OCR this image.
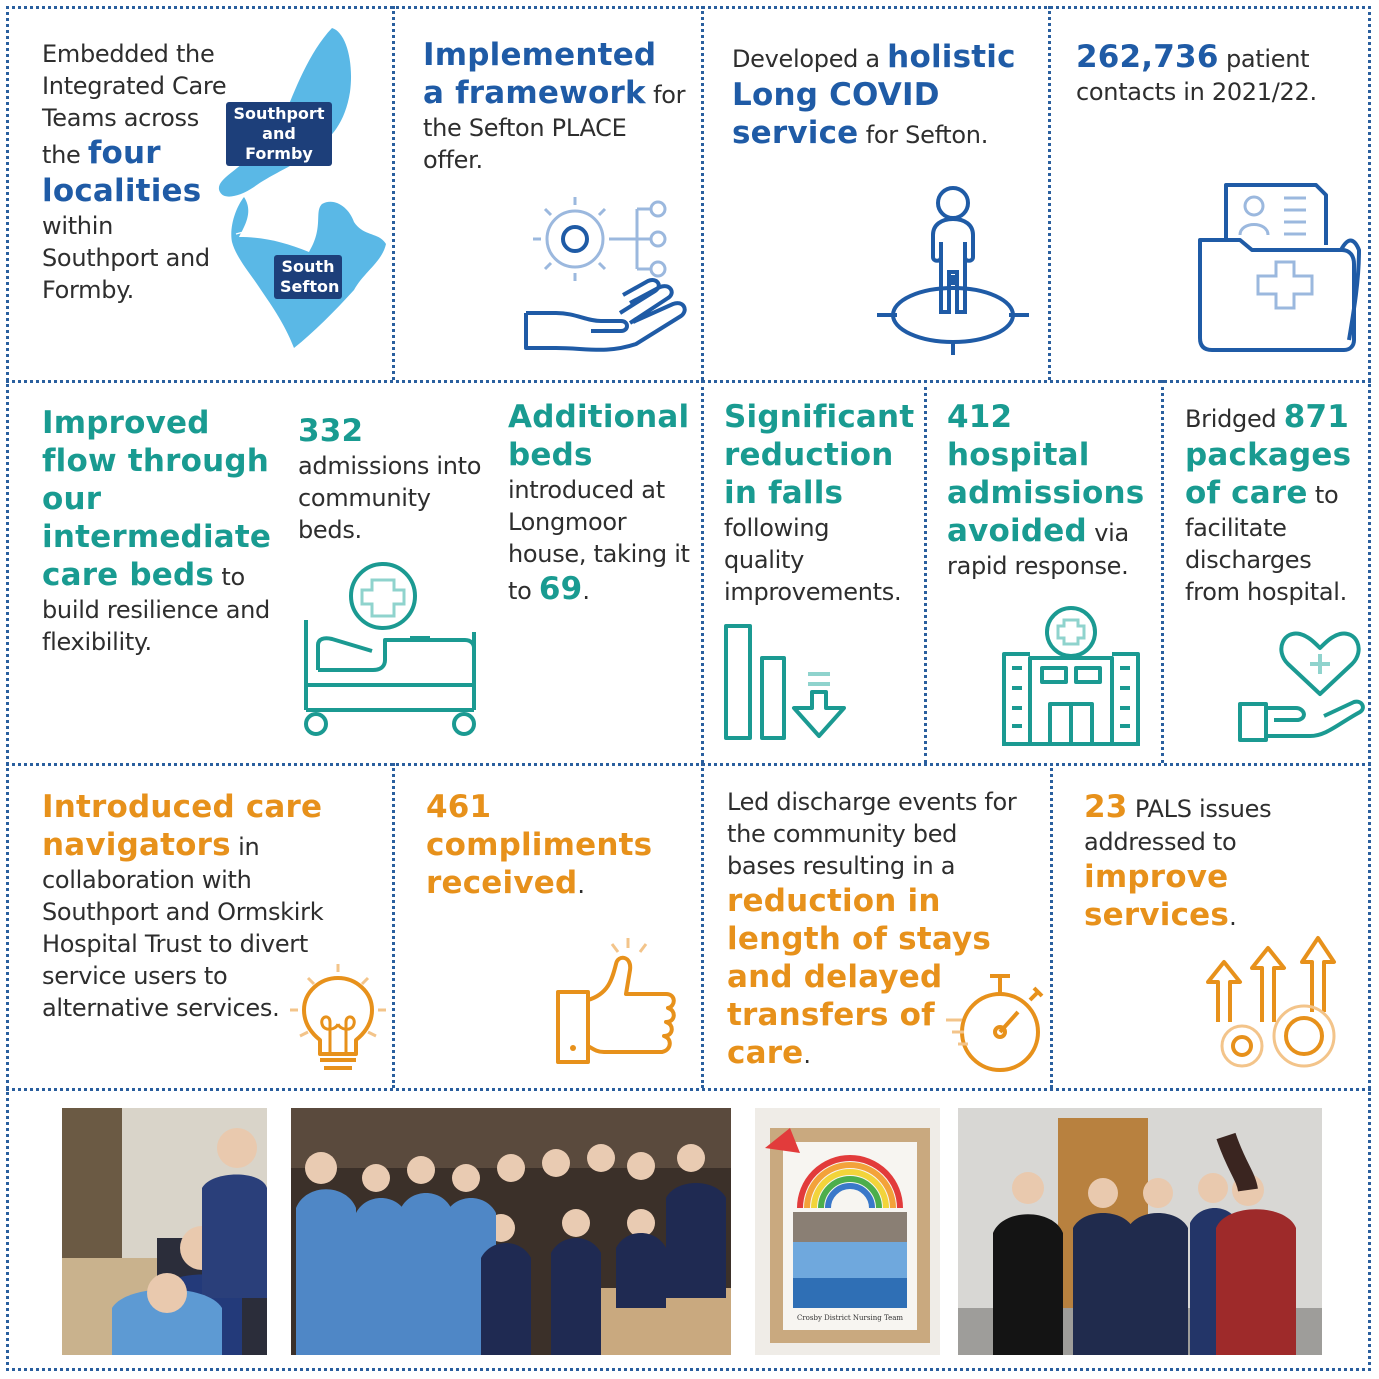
Embedded the Integrated Care Teams across the four localities within Southport and Formby.
Southport and Formby
South Sefton
Implemented a framework for the Sefton PLACE offer.
Developed a holistic Long COVID service for Sefton.
262,736 patient contacts in 2021/22.
Improved flow through our intermediate care beds to build resilience and flexibility.
332 admissions into community beds.
Additional beds introduced at Longmoor house, taking it to 69.
Significant reduction in falls following quality improvements.
412 hospital admissions avoided via rapid response.
Bridged 871 packages of care to facilitate discharges from hospital.
Introduced care navigators in collaboration with Southport and Ormskirk Hospital Trust to divert service users to alternative services.
461 compliments received.
Led discharge events for the community bed bases resulting in a reduction in length of stays and delayed transfers of care.
23 PALS issues addressed to improve services.
Crosby District Nursing Team
